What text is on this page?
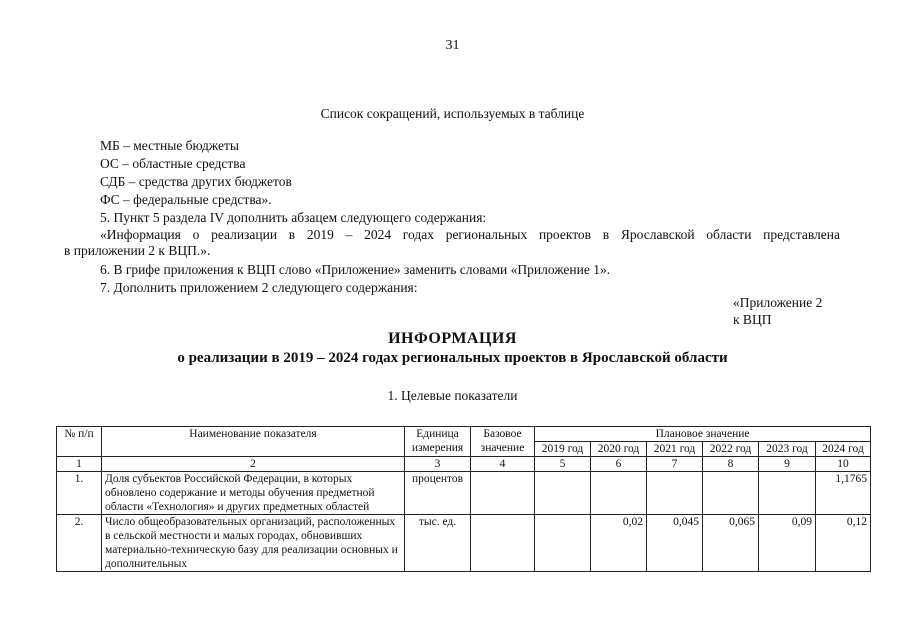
31
Список сокращений, используемых в таблице
МБ – местные бюджеты
ОС – областные средства
СДБ – средства других бюджетов
ФС – федеральные средства».
5. Пункт 5 раздела IV дополнить абзацем следующего содержания:
«Информация о реализации в 2019 – 2024 годах региональных проектов в Ярославской области представлена
в приложении 2 к ВЦП.».
6. В грифе приложения к ВЦП слово «Приложение» заменить словами «Приложение 1».
7. Дополнить приложением 2 следующего содержания:
«Приложение 2
к ВЦП
ИНФОРМАЦИЯ
о реализации в 2019 – 2024 годах региональных проектов в Ярославской области
1. Целевые показатели
№ п/п	Наименование показателя	Единица измерения	Базовое значение	Плановое значение					
				2019 год	2020 год	2021 год	2022 год	2023 год	2024 год
1	2	3	4	5	6	7	8	9	10
1.	Доля субъектов Российской Федерации, в которых обновлено содержание и методы обучения предметной области «Технология» и других предметных областей	процентов							1,1765
2.	Число общеобразовательных организаций, расположенных в сельской местности и малых городах, обновивших материально-техническую базу для реализации основных и дополнительных	тыс. ед.			0,02	0,045	0,065	0,09	0,12
